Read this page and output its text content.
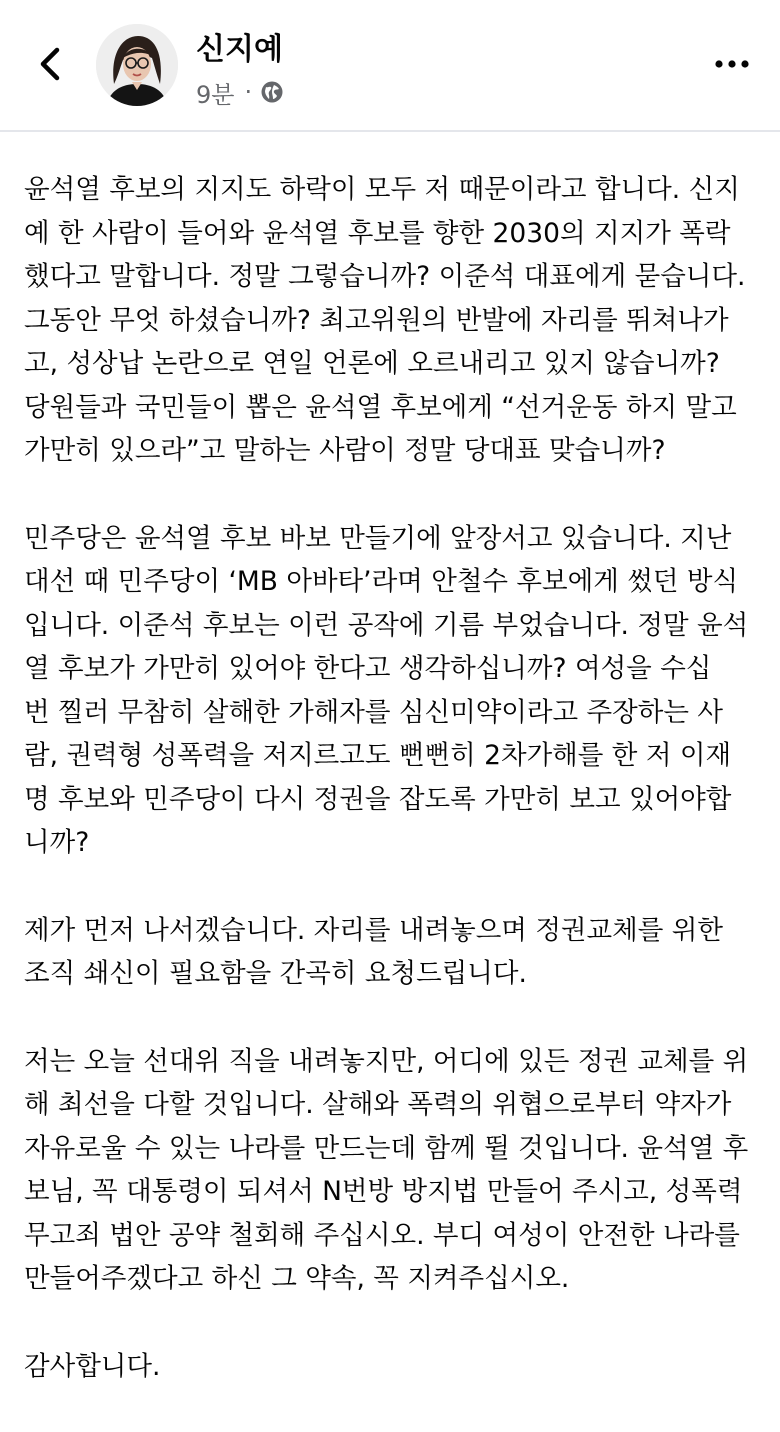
신지예
9분 ·

윤석열 후보의 지지도 하락이 모두 저 때문이라고 합니다. 신지
예 한 사람이 들어와 윤석열 후보를 향한 2030의 지지가 폭락
했다고 말합니다. 정말 그렇습니까? 이준석 대표에게 묻습니다.
그동안 무엇 하셨습니까? 최고위원의 반발에 자리를 뛰쳐나가
고, 성상납 논란으로 연일 언론에 오르내리고 있지 않습니까?
당원들과 국민들이 뽑은 윤석열 후보에게 “선거운동 하지 말고
가만히 있으라”고 말하는 사람이 정말 당대표 맞습니까?

민주당은 윤석열 후보 바보 만들기에 앞장서고 있습니다. 지난
대선 때 민주당이 ‘MB 아바타’라며 안철수 후보에게 썼던 방식
입니다. 이준석 후보는 이런 공작에 기름 부었습니다. 정말 윤석
열 후보가 가만히 있어야 한다고 생각하십니까? 여성을 수십
번 찔러 무참히 살해한 가해자를 심신미약이라고 주장하는 사
람, 권력형 성폭력을 저지르고도 뻔뻔히 2차가해를 한 저 이재
명 후보와 민주당이 다시 정권을 잡도록 가만히 보고 있어야합
니까?

제가 먼저 나서겠습니다. 자리를 내려놓으며 정권교체를 위한
조직 쇄신이 필요함을 간곡히 요청드립니다.

저는 오늘 선대위 직을 내려놓지만, 어디에 있든 정권 교체를 위
해 최선을 다할 것입니다. 살해와 폭력의 위협으로부터 약자가
자유로울 수 있는 나라를 만드는데 함께 뛸 것입니다. 윤석열 후
보님, 꼭 대통령이 되셔서 N번방 방지법 만들어 주시고, 성폭력
무고죄 법안 공약 철회해 주십시오. 부디 여성이 안전한 나라를
만들어주겠다고 하신 그 약속, 꼭 지켜주십시오.

감사합니다.
